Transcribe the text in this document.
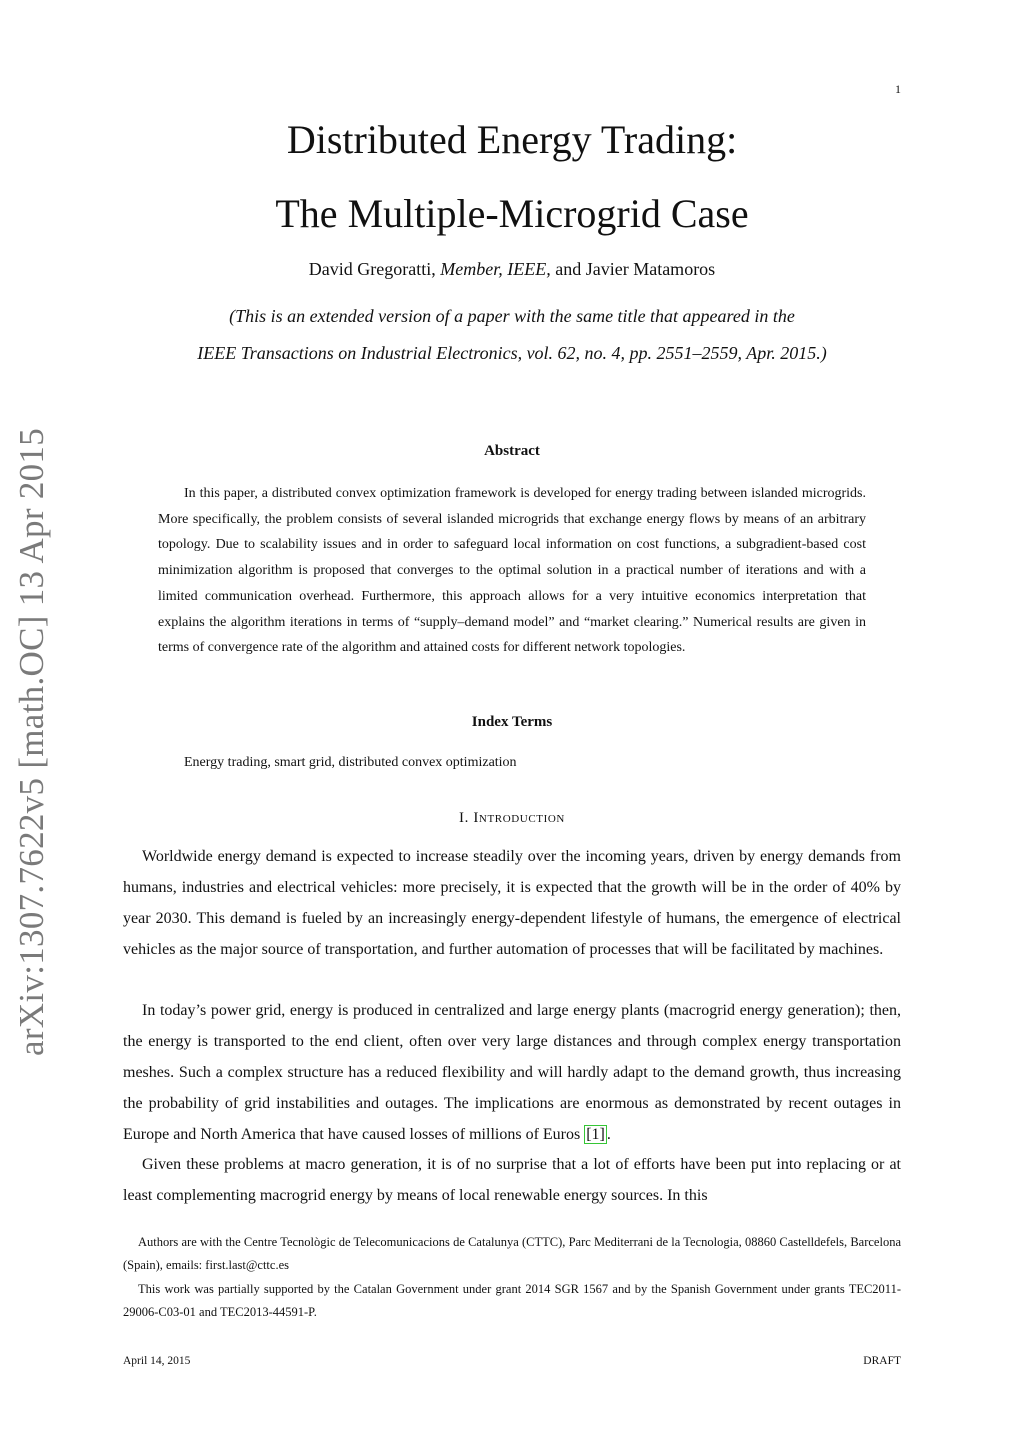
1
arXiv:1307.7622v5 [math.OC] 13 Apr 2015
Distributed Energy Trading:
The Multiple-Microgrid Case
David Gregoratti, Member, IEEE, and Javier Matamoros
(This is an extended version of a paper with the same title that appeared in the
IEEE Transactions on Industrial Electronics, vol. 62, no. 4, pp. 2551–2559, Apr. 2015.)
Abstract

In this paper, a distributed convex optimization framework is developed for energy trading between islanded microgrids. More specifically, the problem consists of several islanded microgrids that exchange energy flows by means of an arbitrary topology. Due to scalability issues and in order to safeguard local information on cost functions, a subgradient-based cost minimization algorithm is proposed that converges to the optimal solution in a practical number of iterations and with a limited communication overhead. Furthermore, this approach allows for a very intuitive economics interpretation that explains the algorithm iterations in terms of “supply–demand model” and “market clearing.” Numerical results are given in terms of convergence rate of the algorithm and attained costs for different network topologies.

Index Terms

Energy trading, smart grid, distributed convex optimization

I. Introduction

Worldwide energy demand is expected to increase steadily over the incoming years, driven by energy demands from humans, industries and electrical vehicles: more precisely, it is expected that the growth will be in the order of 40% by year 2030. This demand is fueled by an increasingly energy-dependent lifestyle of humans, the emergence of electrical vehicles as the major source of transportation, and further automation of processes that will be facilitated by machines.

In today’s power grid, energy is produced in centralized and large energy plants (macrogrid energy generation); then, the energy is transported to the end client, often over very large distances and through complex energy transportation meshes. Such a complex structure has a reduced flexibility and will hardly adapt to the demand growth, thus increasing the probability of grid instabilities and outages. The implications are enormous as demonstrated by recent outages in Europe and North America that have caused losses of millions of Euros [1] .

Given these problems at macro generation, it is of no surprise that a lot of efforts have been put into replacing or at least complementing macrogrid energy by means of local renewable energy sources. In this

Authors are with the Centre Tecnològic de Telecomunicacions de Catalunya (CTTC), Parc Mediterrani de la Tecnologia, 08860 Castelldefels, Barcelona (Spain), emails: first.last@cttc.es

This work was partially supported by the Catalan Government under grant 2014 SGR 1567 and by the Spanish Government under grants TEC2011-29006-C03-01 and TEC2013-44591-P.

April 14, 2015	DRAFT
